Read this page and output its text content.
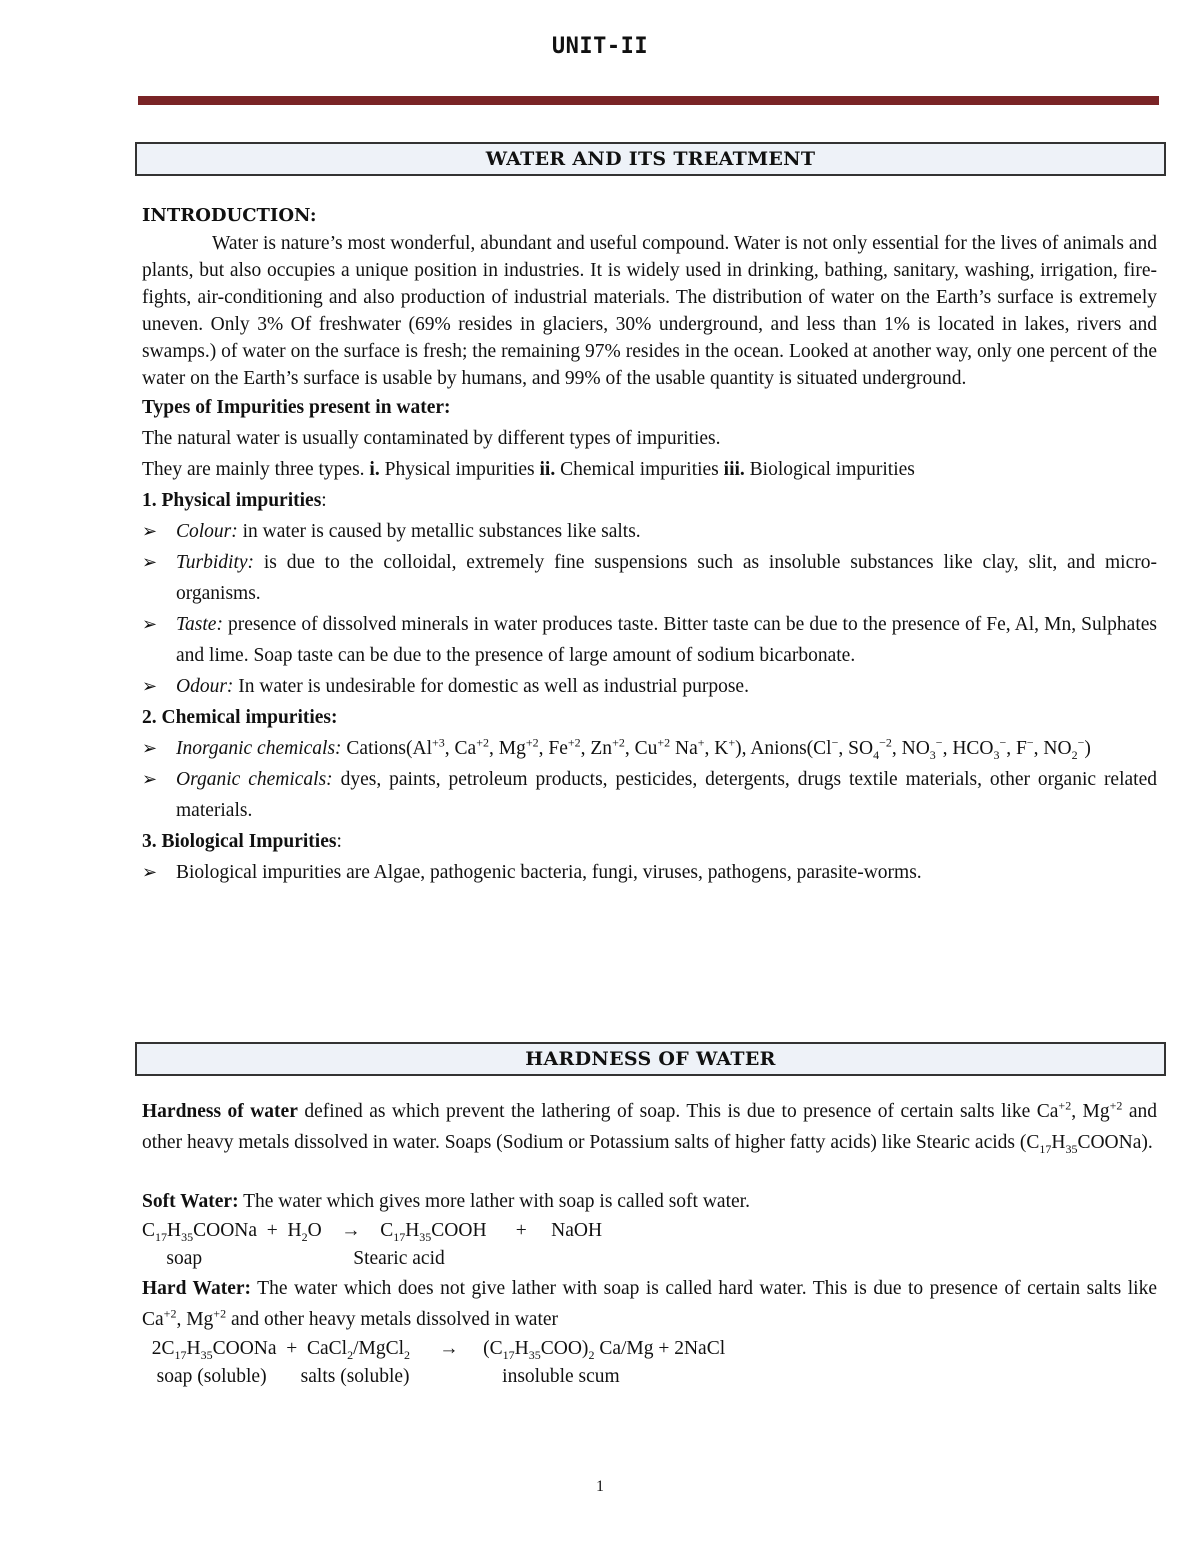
UNIT-II
WATER AND ITS TREATMENT
INTRODUCTION:

Water is nature’s most wonderful, abundant and useful compound. Water is not only essential for the lives of animals and plants, but also occupies a unique position in industries. It is widely used in drinking, bathing, sanitary, washing, irrigation, fire-fights, air-conditioning and also production of industrial materials. The distribution of water on the Earth’s surface is extremely uneven. Only 3% Of freshwater (69% resides in glaciers, 30% underground, and less than 1% is located in lakes, rivers and swamps.) of water on the surface is fresh; the remaining 97% resides in the ocean. Looked at another way, only one percent of the water on the Earth’s surface is usable by humans, and 99% of the usable quantity is situated underground.

Types of Impurities present in water:

The natural water is usually contaminated by different types of impurities.

They are mainly three types. i. Physical impurities ii. Chemical impurities iii. Biological impurities

1. Physical impurities:

➢ Colour: in water is caused by metallic substances like salts.
➢ Turbidity: is due to the colloidal, extremely fine suspensions such as insoluble substances like clay, slit, and micro-organisms.
➢ Taste: presence of dissolved minerals in water produces taste. Bitter taste can be due to the presence of Fe, Al, Mn, Sulphates and lime. Soap taste can be due to the presence of large amount of sodium bicarbonate.
➢ Odour: In water is undesirable for domestic as well as industrial purpose.

2. Chemical impurities:

➢ Inorganic chemicals: $Cations(Al^{+3}$, $Ca^{+2}$, $Mg^{+2}$, $Fe^{+2}$, $Zn^{+2}$, $Cu^{+2}$ Na+, K+), Anions(Cl−, $SO_4^{-2}$, $NO_3^-$, $HCO_3^-$, F−, $NO_2^-$)
➢ Organic chemicals: dyes, paints, petroleum products, pesticides, detergents, drugs textile materials, other organic related materials.

3. Biological Impurities:

➢ Biological impurities are Algae, pathogenic bacteria, fungi, viruses, pathogens, parasite-worms.
HARDNESS OF WATER

Hardness of water defined as which prevent the lathering of soap. This is due to presence of certain salts like $Ca^{+2}$, $Mg^{+2}$ and other heavy metals dissolved in water. Soaps (Sodium or Potassium salts of higher fatty acids) like Stearic acids $(C_{17}H_{35}COONa)$.

Soft Water: The water which gives more lather with soap is called soft water.

$C_{17}H_{35}COONa + H_2O$    →    $C_{17}H_{35}COOH$      +     NaOH

soap                               Stearic acid

Hard Water: The water which does not give lather with soap is called hard water. This is due to presence of certain salts like $Ca^{+2}$, $Mg^{+2}$ and other heavy metals dissolved in water

$2C_{17}H_{35}COONa$  +  CaCl$_2$/MgCl$_2$      →     $(C_{17}H_{35}COO)_2$ Ca/Mg + 2NaCl

soap (soluble)       salts (soluble)                   insoluble scum

1
